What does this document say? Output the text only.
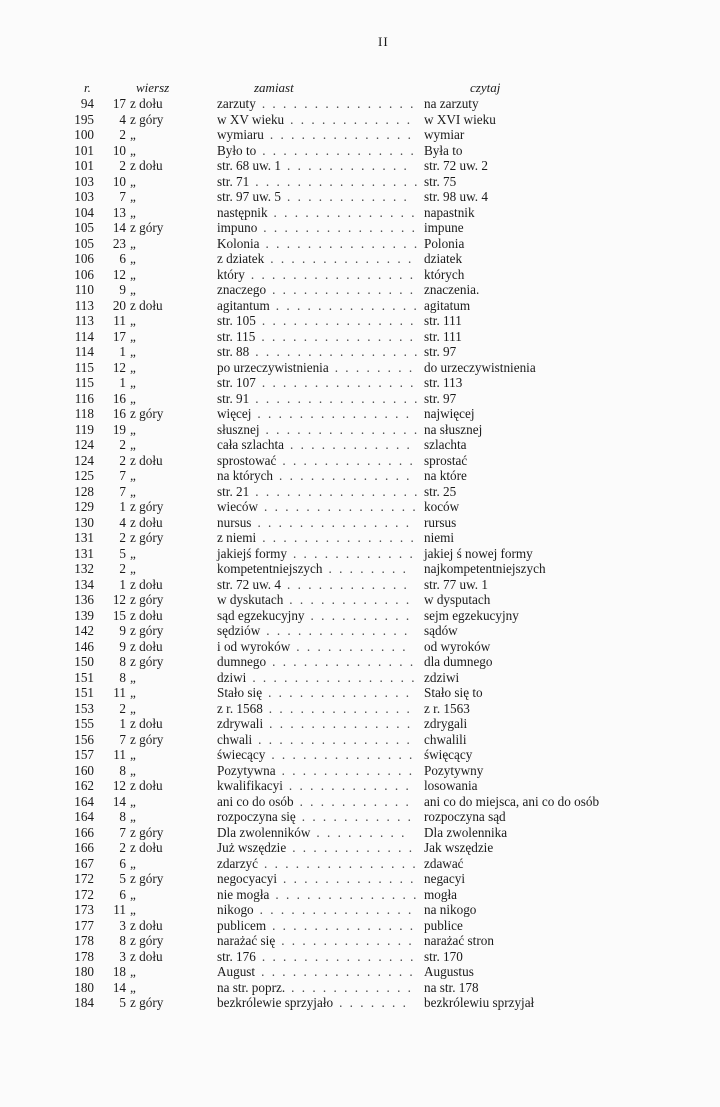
II
r.	wiersz	zamiast	czytaj
94	17 z dołu	zarzuty	na zarzuty
. . . . . . . . . . . . . . .
195	4 z góry	w XV wieku	w XVI wieku
. . . . . . . . . . . .
100	2 „	wymiaru	wymiar
. . . . . . . . . . . . . .
101	10 „	Było to	Była to
. . . . . . . . . . . . . . .
101	2 z dołu	str. 68 uw. 1	str. 72 uw. 2
. . . . . . . . . . . .
103	10 „	str. 71	str. 75
. . . . . . . . . . . . . . . .
103	7 „	str. 97 uw. 5	str. 98 uw. 4
. . . . . . . . . . . .
104	13 „	następnik	napastnik
. . . . . . . . . . . . . .
105	14 z góry	impuno	impune
. . . . . . . . . . . . . . .
105	23 „	Kolonia	Polonia
. . . . . . . . . . . . . . .
106	6 „	z dziatek	dziatek
. . . . . . . . . . . . . .
106	12 „	który	których
. . . . . . . . . . . . . . . .
110	9 „	znaczego	znaczenia.
. . . . . . . . . . . . . .
113	20 z dołu	agitantum	agitatum
. . . . . . . . . . . . . .
113	11 „	str. 105	str. 111
. . . . . . . . . . . . . . .
114	17 „	str. 115	str. 111
. . . . . . . . . . . . . . .
114	1 „	str. 88	str. 97
. . . . . . . . . . . . . . . .
115	12 „	po urzeczywistnienia	do urzeczywistnienia
. . . . . . . .
115	1 „	str. 107	str. 113
. . . . . . . . . . . . . . .
116	16 „	str. 91	str. 97
. . . . . . . . . . . . . . . .
118	16 z góry	więcej	najwięcej
. . . . . . . . . . . . . . .
119	19 „	słusznej	na słusznej
. . . . . . . . . . . . . . .
124	2 „	cała szlachta	szlachta
. . . . . . . . . . . .
124	2 z dołu	sprostować	sprostać
. . . . . . . . . . . . .
125	7 „	na których	na które
. . . . . . . . . . . . .
128	7 „	str. 21	str. 25
. . . . . . . . . . . . . . . .
129	1 z góry	wieców	koców
. . . . . . . . . . . . . . .
130	4 z dołu	nursus	rursus
. . . . . . . . . . . . . . .
131	2 z góry	z niemi	niemi
. . . . . . . . . . . . . . .
131	5 „	jakiejś formy	jakiej ś nowej formy
. . . . . . . . . . . .
132	2 „	kompetentniejszych	najkompetentniejszych
. . . . . . . .
134	1 z dołu	str. 72 uw. 4	str. 77 uw. 1
. . . . . . . . . . . .
136	12 z góry	w dyskutach	w dysputach
. . . . . . . . . . . .
139	15 z dołu	sąd egzekucyjny	sejm egzekucyjny
. . . . . . . . . .
142	9 z góry	sędziów	sądów
. . . . . . . . . . . . . .
146	9 z dołu	i od wyroków	od wyroków
. . . . . . . . . . .
150	8 z góry	dumnego	dla dumnego
. . . . . . . . . . . . . .
151	8 „	dziwi	zdziwi
. . . . . . . . . . . . . . . .
151	11 „	Stało się	Stało się to
. . . . . . . . . . . . . .
153	2 „	z r. 1568	z r. 1563
. . . . . . . . . . . . . .
155	1 z dołu	zdrywali	zdrygali
. . . . . . . . . . . . . .
156	7 z góry	chwali	chwalili
. . . . . . . . . . . . . . .
157	11 „	świecący	święcący
. . . . . . . . . . . . . .
160	8 „	Pozytywna	Pozytywny
. . . . . . . . . . . . .
162	12 z dołu	kwalifikacyi	losowania
. . . . . . . . . . . .
164	14 „	ani co do osób	ani co do miejsca, ani co do osób
. . . . . . . . . . .
164	8 „	rozpoczyna się	rozpoczyna sąd
. . . . . . . . . . .
166	7 z góry	Dla zwolenników	Dla zwolennika
. . . . . . . . .
166	2 z dołu	Już wszędzie	Jak wszędzie
. . . . . . . . . . . .
167	6 „	zdarzyć	zdawać
. . . . . . . . . . . . . . .
172	5 z góry	negocyacyi	negacyi
. . . . . . . . . . . . .
172	6 „	nie mogła	mogła
. . . . . . . . . . . . . .
173	11 „	nikogo	na nikogo
. . . . . . . . . . . . . . .
177	3 z dołu	publicem	publice
. . . . . . . . . . . . . .
178	8 z góry	narażać się	narażać stron
. . . . . . . . . . . . .
178	3 z dołu	str. 176	str. 170
. . . . . . . . . . . . . . .
180	18 „	August	Augustus
. . . . . . . . . . . . . . .
180	14 „	na str. poprz.	na str. 178
. . . . . . . . . . . .
184	5 z góry	bezkrólewie sprzyjało	bezkrólewiu sprzyjał
. . . . . . .
